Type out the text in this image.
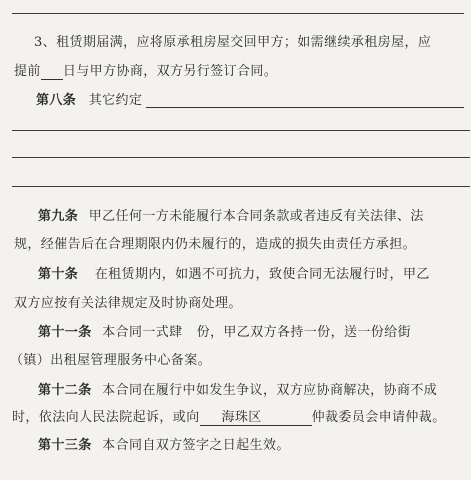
3、租赁期届满，应将原承租房屋交回甲方；如需继续承租房屋，应
提前 日与甲方协商，双方另行签订合同。
第八条 其它约定
第九条 甲乙任何一方未能履行本合同条款或者违反有关法律、法
规，经催告后在合理期限内仍未履行的，造成的损失由责任方承担。
第十条 在租赁期内，如遇不可抗力，致使合同无法履行时，甲乙
双方应按有关法律规定及时协商处理。
第十一条 本合同一式肆 份，甲乙双方各持一份，送一份给街
（镇）出租屋管理服务中心备案。
第十二条 本合同在履行中如发生争议，双方应协商解决，协商不成
时，依法向人民法院起诉，或向 海珠区	仲裁委员会申请仲裁。
第十三条 本合同自双方签字之日起生效。
